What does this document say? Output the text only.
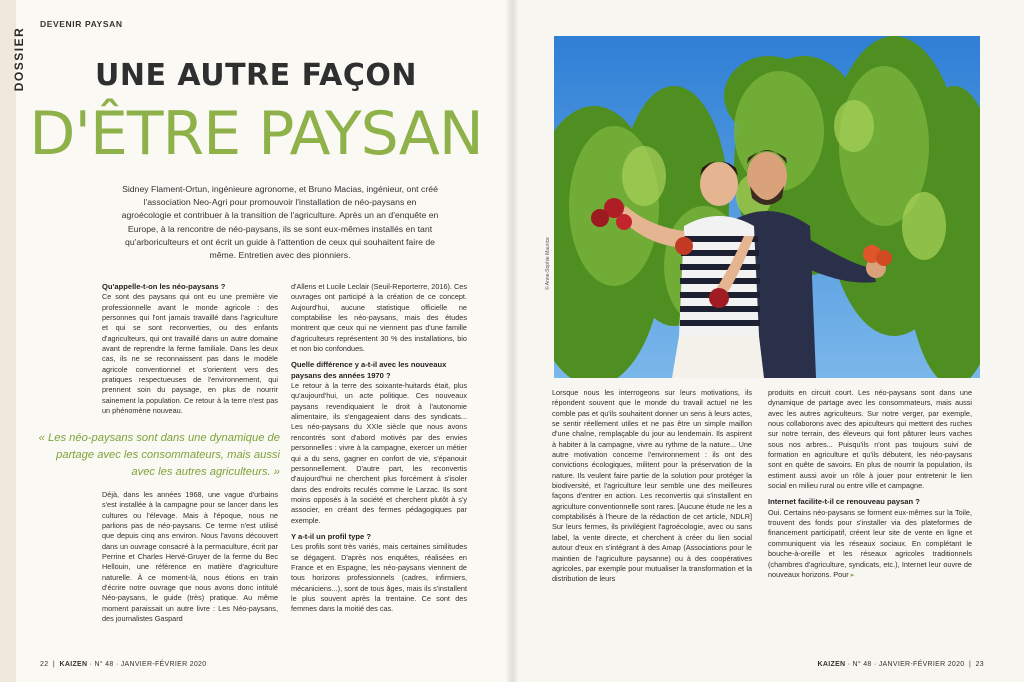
DOSSIER
DEVENIR PAYSAN
UNE AUTRE FAÇON
D'ÊTRE PAYSAN

Sidney Flament-Ortun, ingénieure agronome, et Bruno Macias, ingénieur, ont créé l'association Neo-Agri pour promouvoir l'installation de néo-paysans en agroécologie et contribuer à la transition de l'agriculture. Après un an d'enquête en Europe, à la rencontre de néo-paysans, ils se sont eux-mêmes installés en tant qu'arboriculteurs et ont écrit un guide à l'attention de ceux qui souhaitent faire de même. Entretien avec des pionniers.

Qu'appelle-t-on les néo-paysans ?

Ce sont des paysans qui ont eu une première vie professionnelle avant le monde agricole : des personnes qui l'ont jamais travaillé dans l'agriculture et qui se sont reconverties, ou des enfants d'agriculteurs, qui ont travaillé dans un autre domaine avant de reprendre la ferme familiale. Dans les deux cas, ils ne se reconnaissent pas dans le modèle agricole conventionnel et s'orientent vers des pratiques respectueuses de l'environnement, qui prennent soin du paysage, en plus de nourrir sainement la population. Ce retour à la terre n'est pas un phénomène nouveau.

« Les néo-paysans sont dans une dynamique de partage avec les consommateurs, mais aussi avec les autres agriculteurs. »

Déjà, dans les années 1968, une vague d'urbains s'est installée à la campagne pour se lancer dans les cultures ou l'élevage. Mais à l'époque, nous ne parlions pas de néo-paysans. Ce terme n'est utilisé que depuis cinq ans environ. Nous l'avons découvert dans un ouvrage consacré à la permaculture, écrit par Perrine et Charles Hervé-Gruyer de la ferme du Bec Hellouin, une référence en matière d'agriculture naturelle. À ce moment-là, nous étions en train d'écrire notre ouvrage que nous avons donc intitulé Néo-paysans, le guide (très) pratique. Au même moment paraissait un autre livre : Les Néo-paysans, des journalistes Gaspard

d'Allens et Lucile Leclair (Seuil-Reporterre, 2016). Ces ouvrages ont participé à la création de ce concept. Aujourd'hui, aucune statistique officielle ne comptabilise les néo-paysans, mais des études montrent que ceux qui ne viennent pas d'une famille d'agriculteurs représentent 30 % des installations, bio et non bio confondues.

Quelle différence y a-t-il avec les nouveaux paysans des années 1970 ?

Le retour à la terre des soixante-huitards était, plus qu'aujourd'hui, un acte politique. Ces nouveaux paysans revendiquaient le droit à l'autonomie alimentaire, ils s'engageaient dans des syndicats... Les néo-paysans du XXIe siècle que nous avons rencontrés sont d'abord motivés par des envies personnelles : vivre à la campagne, exercer un métier qui a du sens, gagner en confort de vie, s'épanouir personnellement. D'autre part, les reconvertis d'aujourd'hui ne cherchent plus forcément à s'isoler dans des endroits reculés comme le Larzac. Ils sont moins opposés à la société et cherchent plutôt à s'y associer, en créant des fermes pédagogiques par exemple.

Y a-t-il un profil type ?

Les profils sont très variés, mais certaines similitudes se dégagent. D'après nos enquêtes, réalisées en France et en Espagne, les néo-paysans viennent de tous horizons professionnels (cadres, infirmiers, mécaniciens...), sont de tous âges, mais ils s'installent le plus souvent après la trentaine. Ce sont des femmes dans la moitié des cas.

22  |  KAIZEN · N° 48 · JANVIER-FÉVRIER 2020
© Anne-Sophie Maurice

Lorsque nous les interrogeons sur leurs motivations, ils répondent souvent que le monde du travail actuel ne les comble pas et qu'ils souhaitent donner un sens à leurs actes, se sentir réellement utiles et ne pas être un simple maillon d'une chaîne, remplaçable du jour au lendemain. Ils aspirent à habiter à la campagne, vivre au rythme de la nature... Une autre motivation concerne l'environnement : ils ont des convictions écologiques, militent pour la préservation de la nature. Ils veulent faire partie de la solution pour protéger la biodiversité, et l'agriculture leur semble une des meilleures façons d'entrer en action. Les reconvertis qui s'installent en agriculture conventionnelle sont rares. [Aucune étude ne les a comptabilisés à l'heure de la rédaction de cet article, NDLR] Sur leurs fermes, ils privilégient l'agroécologie, avec ou sans label, la vente directe, et cherchent à créer du lien social autour d'eux en s'intégrant à des Amap (Associations pour le maintien de l'agriculture paysanne) ou à des coopératives agricoles, par exemple pour mutualiser la transformation et la distribution de leurs

produits en circuit court. Les néo-paysans sont dans une dynamique de partage avec les consommateurs, mais aussi avec les autres agriculteurs. Sur notre verger, par exemple, nous collaborons avec des apiculteurs qui mettent des ruches sur notre terrain, des éleveurs qui font pâturer leurs vaches sous nos arbres... Puisqu'ils n'ont pas toujours suivi de formation en agriculture et qu'ils débutent, les néo-paysans sont en quête de savoirs. En plus de nourrir la population, ils estiment aussi avoir un rôle à jouer pour entretenir le lien social en milieu rural ou entre ville et campagne.

Internet facilite-t-il ce renouveau paysan ?

Oui. Certains néo-paysans se forment eux-mêmes sur la Toile, trouvent des fonds pour s'installer via des plateformes de financement participatif, créent leur site de vente en ligne et communiquent via les réseaux sociaux. En complétant le bouche-à-oreille et les réseaux agricoles traditionnels (chambres d'agriculture, syndicats, etc.), Internet leur ouvre de nouveaux horizons. Pour ▸

KAIZEN · N° 48 · JANVIER-FÉVRIER 2020  |  23
